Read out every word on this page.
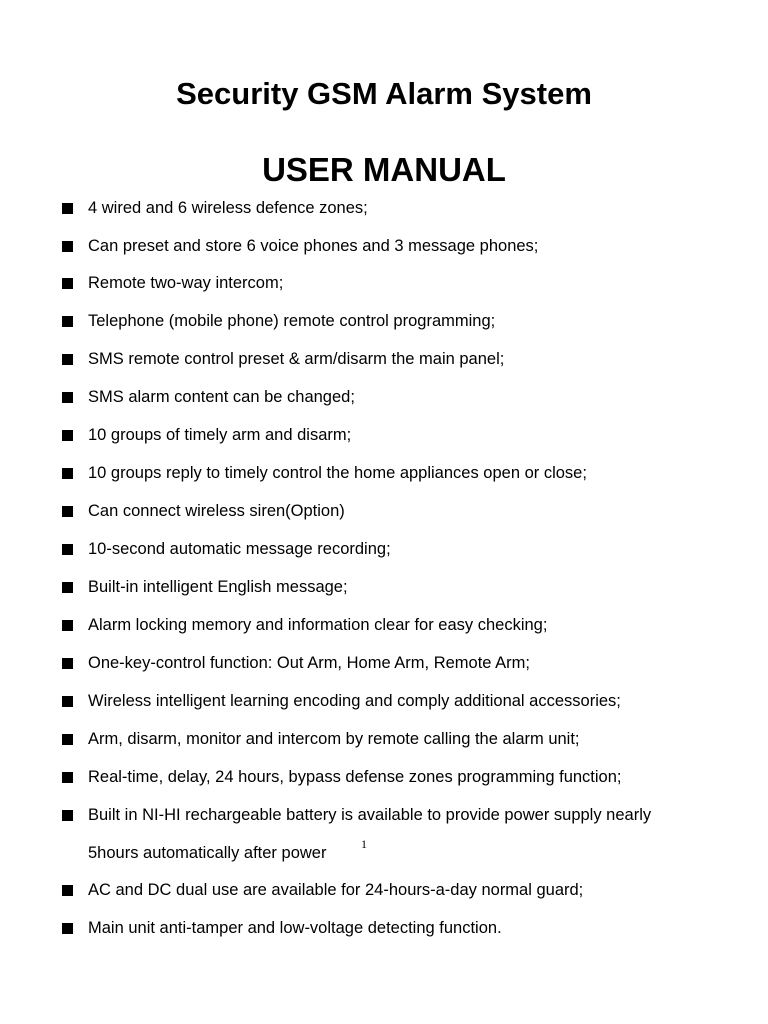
Security GSM Alarm System
USER MANUAL
4 wired and 6 wireless defence zones;
Can preset and store 6 voice phones and 3 message phones;
Remote two-way intercom;
Telephone (mobile phone) remote control programming;
SMS remote control preset & arm/disarm the main panel;
SMS alarm content can be changed;
10 groups of timely arm and disarm;
10 groups reply to timely control the home appliances open or close;
Can connect wireless siren(Option)
10-second automatic message recording;
Built-in intelligent English message;
Alarm locking memory and information clear for easy checking;
One-key-control function: Out Arm, Home Arm, Remote Arm;
Wireless intelligent learning encoding and comply additional accessories;
Arm, disarm, monitor and intercom by remote calling the alarm unit;
Real-time, delay, 24 hours, bypass defense zones programming function;
Built in NI-HI rechargeable battery is available to provide power supply nearly
5hours automatically after power
AC and DC dual use are available for 24-hours-a-day normal guard;
Main unit anti-tamper and low-voltage detecting function.
1
